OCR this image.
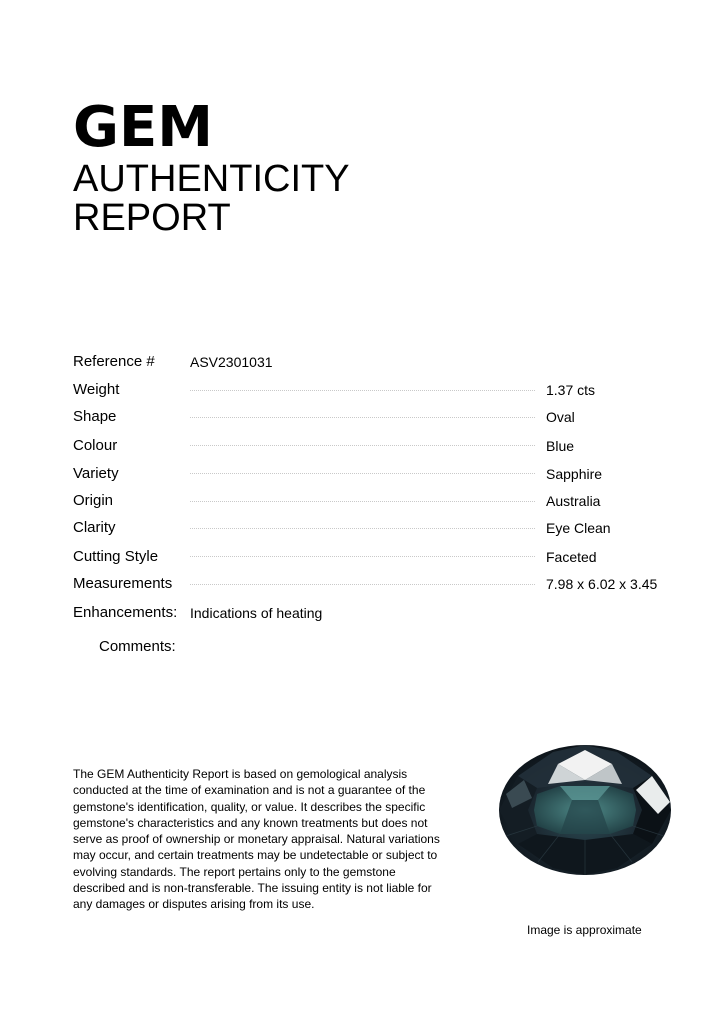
GEM
AUTHENTICITY
REPORT
Reference #	ASV2301031
Weight	1.37 cts
Shape	Oval
Colour	Blue
Variety	Sapphire
Origin	Australia
Clarity	Eye Clean
Cutting Style	Faceted
Measurements	7.98 x 6.02 x 3.45
Enhancements: Indications of heating
Comments:
The GEM Authenticity Report is based on gemological analysis conducted at the time of examination and is not a guarantee of the gemstone's identification, quality, or value. It describes the specific gemstone's characteristics and any known treatments but does not serve as proof of ownership or monetary appraisal. Natural variations may occur, and certain treatments may be undetectable or subject to evolving standards. The report pertains only to the gemstone described and is non-transferable. The issuing entity is not liable for any damages or disputes arising from its use.
Image is approximate
